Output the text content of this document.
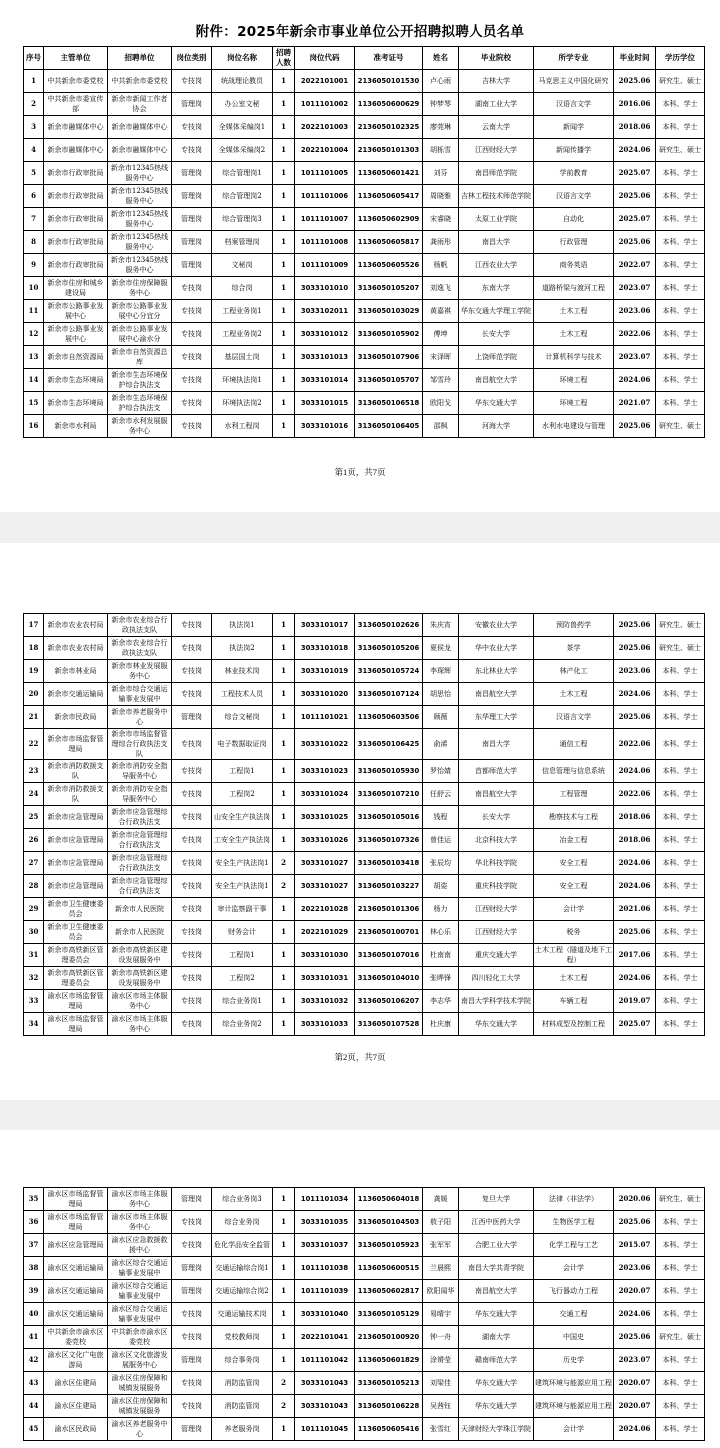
附件：2025年新余市事业单位公开招聘拟聘人员名单
序号	主管单位	招聘单位	岗位类别	岗位名称	招聘人数	岗位代码	准考证号	姓名	毕业院校	所学专业	毕业时间	学历学位
1	中共新余市委党校	中共新余市委党校	专技岗	统战理论教员	1	2022101001	2136050101530	卢心雨	吉林大学	马克思主义中国化研究	2025.06	研究生、硕士
2	中共新余市委宣传部	新余市新闻工作者协会	管理岗	办公室文秘	1	1011101002	1136050600629	钟梦琴	湖南工业大学	汉语言文学	2016.06	本科、学士
3	新余市融媒体中心	新余市融媒体中心	专技岗	全媒体采编岗1	1	2022101003	2136050102325	廖莞琳	云南大学	新闻学	2018.06	本科、学士
4	新余市融媒体中心	新余市融媒体中心	专技岗	全媒体采编岗2	1	2022101004	2136050101303	胡栎雪	江西财经大学	新闻传播学	2024.06	研究生、硕士
5	新余市行政审批局	新余市12345热线服务中心	管理岗	综合管理岗1	1	1011101005	1136050601421	刘芬	南昌师范学院	学前教育	2025.07	本科、学士
6	新余市行政审批局	新余市12345热线服务中心	管理岗	综合管理岗2	1	1011101006	1136050605417	周晓雅	吉林工程技术师范学院	汉语言文学	2025.06	本科、学士
7	新余市行政审批局	新余市12345热线服务中心	管理岗	综合管理岗3	1	1011101007	1136050602909	宋睿晓	太原工业学院	自动化	2025.07	本科、学士
8	新余市行政审批局	新余市12345热线服务中心	管理岗	档案管理岗	1	1011101008	1136050605817	龚雨彤	南昌大学	行政管理	2025.06	本科、学士
9	新余市行政审批局	新余市12345热线服务中心	管理岗	文秘岗	1	1011101009	1136050605526	杨帆	江西农业大学	商务英语	2022.07	本科、学士
10	新余市住房和城乡建设局	新余市住房保障服务中心	专技岗	综合岗	1	3033101010	3136050105207	刘逸飞	东南大学	道路桥梁与渡河工程	2023.07	本科、学士
11	新余市公路事业发展中心	新余市公路事业发展中心分宜分	专技岗	工程业务岗1	1	3033102011	3136050103029	黄嘉祺	华东交通大学理工学院	土木工程	2023.06	本科、学士
12	新余市公路事业发展中心	新余市公路事业发展中心渝水分	专技岗	工程业务岗2	1	3033101012	3136050105902	傅坤	长安大学	土木工程	2022.06	本科、学士
13	新余市自然资源局	新余市自然资源总库	专技岗	基层国土岗	1	3033101013	3136050107906	宋泽晖	上饶师范学院	计算机科学与技术	2023.07	本科、学士
14	新余市生态环境局	新余市生态环境保护综合执法支	专技岗	环境执法岗1	1	3033101014	3136050105707	邹雪玲	南昌航空大学	环境工程	2024.06	本科、学士
15	新余市生态环境局	新余市生态环境保护综合执法支	专技岗	环境执法岗2	1	3033101015	3136050106518	欧阳戈	华东交通大学	环境工程	2021.07	本科、学士
16	新余市水利局	新余市水利发展服务中心	专技岗	水利工程岗	1	3033101016	3136050106405	邵枫	河海大学	水利水电建设与管理	2025.06	研究生、硕士
第1页，共7页
17	新余市农业农村局	新余市农业综合行政执法支队	专技岗	执法岗1	1	3033101017	3136050102626	朱庆宵	安徽农业大学	预防兽药学	2025.06	研究生、硕士
18	新余市农业农村局	新余市农业综合行政执法支队	专技岗	执法岗2	1	3033101018	3136050105206	夏侯龙	华中农业大学	茶学	2025.06	研究生、硕士
19	新余市林业局	新余市林业发展服务中心	专技岗	林业技术岗	1	3033101019	3136050105724	李琛辉	东北林业大学	林产化工	2023.06	本科、学士
20	新余市交通运输局	新余市综合交通运输事业发展中	专技岗	工程技术人员	1	3033101020	3136050107124	胡思怡	南昌航空大学	土木工程	2024.06	本科、学士
21	新余市民政局	新余市养老服务中心	管理岗	综合文秘岗	1	1011101021	1136050603506	顾薇	东华理工大学	汉语言文学	2025.06	本科、学士
22	新余市市场监督管理局	新余市市场监督管理综合行政执法支队	专技岗	电子数据取证岗	1	3033101022	3136050106425	俞浠	南昌大学	通信工程	2022.06	本科、学士
23	新余市消防救援支队	新余市消防安全指导服务中心	专技岗	工程岗1	1	3033101023	3136050105930	罗怡婧	首都师范大学	信息管理与信息系统	2024.06	本科、学士
24	新余市消防救援支队	新余市消防安全指导服务中心	专技岗	工程岗2	1	3033101024	3136050107210	任舒云	南昌航空大学	工程管理	2022.06	本科、学士
25	新余市应急管理局	新余市应急管理综合行政执法支	专技岗	山安全生产执法岗	1	3033101025	3136050105016	钱程	长安大学	勘察技术与工程	2018.06	本科、学士
26	新余市应急管理局	新余市应急管理综合行政执法支	专技岗	工安全生产执法岗	1	3033101026	3136050107326	曾佳运	北京科技大学	冶金工程	2018.06	本科、学士
27	新余市应急管理局	新余市应急管理综合行政执法支	专技岗	安全生产执法岗1	2	3033101027	3136050103418	张辰均	华北科技学院	安全工程	2024.06	本科、学士
28	新余市应急管理局	新余市应急管理综合行政执法支	专技岗	安全生产执法岗1	2	3033101027	3136050103227	胡姿	重庆科技学院	安全工程	2024.06	本科、学士
29	新余市卫生健康委员会	新余市人民医院	专技岗	审计监察副干事	1	2022101028	2136050101306	杨力	江西财经大学	会计学	2021.06	本科、学士
30	新余市卫生健康委员会	新余市人民医院	专技岗	财务会计	1	2022101029	2136050100701	林心乐	江西财经大学	税务	2025.06	本科、学士
31	新余市高铁新区管理委员会	新余市高铁新区建设发展服务中	专技岗	工程岗1	1	3033101030	3136050107016	杜南南	重庆交通大学	土木工程（隧道及地下工程）	2017.06	本科、学士
32	新余市高铁新区管理委员会	新余市高铁新区建设发展服务中	专技岗	工程岗2	1	3033101031	3136050104010	张晔锋	四川轻化工大学	土木工程	2024.06	本科、学士
33	渝水区市场监督管理局	渝水区市场主体服务中心	专技岗	综合业务岗1	1	3033101032	3136050106207	李志华	南昌大学科学技术学院	车辆工程	2019.07	本科、学士
34	渝水区市场监督管理局	渝水区市场主体服务中心	专技岗	综合业务岗2	1	3033101033	3136050107528	杜庆康	华东交通大学	材料成型及控制工程	2025.07	本科、学士
第2页，共7页
35	渝水区市场监督管理局	渝水区市场主体服务中心	管理岗	综合业务岗3	1	1011101034	1136050604018	龚媛	复旦大学	法律（非法学）	2020.06	研究生、硕士
36	渝水区市场监督管理局	渝水区市场主体服务中心	专技岗	综合业务岗	1	3033101035	3136050104503	敖子阳	江西中医药大学	生物医学工程	2025.06	本科、学士
37	渝水区应急管理局	渝水区应急救援救援中心	专技岗	危化学品安全监管	1	3033101037	3136050105923	张军军	合肥工业大学	化学工程与工艺	2015.07	本科、学士
38	渝水区交通运输局	渝水区综合交通运输事业发展中	管理岗	交通运输综合岗1	1	1011101038	1136050600515	兰晨熙	南昌大学共青学院	会计学	2023.06	本科、学士
39	渝水区交通运输局	渝水区综合交通运输事业发展中	管理岗	交通运输综合岗2	1	1011101039	1136050602817	欧阳闻华	南昌航空大学	飞行器动力工程	2020.07	本科、学士
40	渝水区交通运输局	渝水区综合交通运输事业发展中	专技岗	交通运输技术岗	1	3033101040	3136050105129	易晴宇	华东交通大学	交通工程	2024.06	本科、学士
41	中共新余市渝水区委党校	中共新余市渝水区委党校	专技岗	党校教师岗	1	2022101041	2136050100920	钟一舟	湖南大学	中国史	2025.06	研究生、硕士
42	渝水区文化广电旅游局	渝水区文化旅游发展服务中心	管理岗	综合事务岗	1	1011101042	1136050601829	涂赟莹	赣南师范大学	历史学	2023.07	本科、学士
43	渝水区住建局	渝水区住房保障和城镇发展服务	专技岗	消防监管岗	2	3033101043	3136050105213	刘梁佳	华东交通大学	建筑环境与能源应用工程	2020.07	本科、学士
44	渝水区住建局	渝水区住房保障和城镇发展服务	专技岗	消防监管岗	2	3033101043	3136050106228	吴茜钰	华东交通大学	建筑环境与能源应用工程	2020.07	本科、学士
45	渝水区民政局	渝水区养老服务中心	管理岗	养老服务岗	1	1011101045	1136050605416	张雪红	天津财经大学珠江学院	会计学	2024.06	本科、学士
